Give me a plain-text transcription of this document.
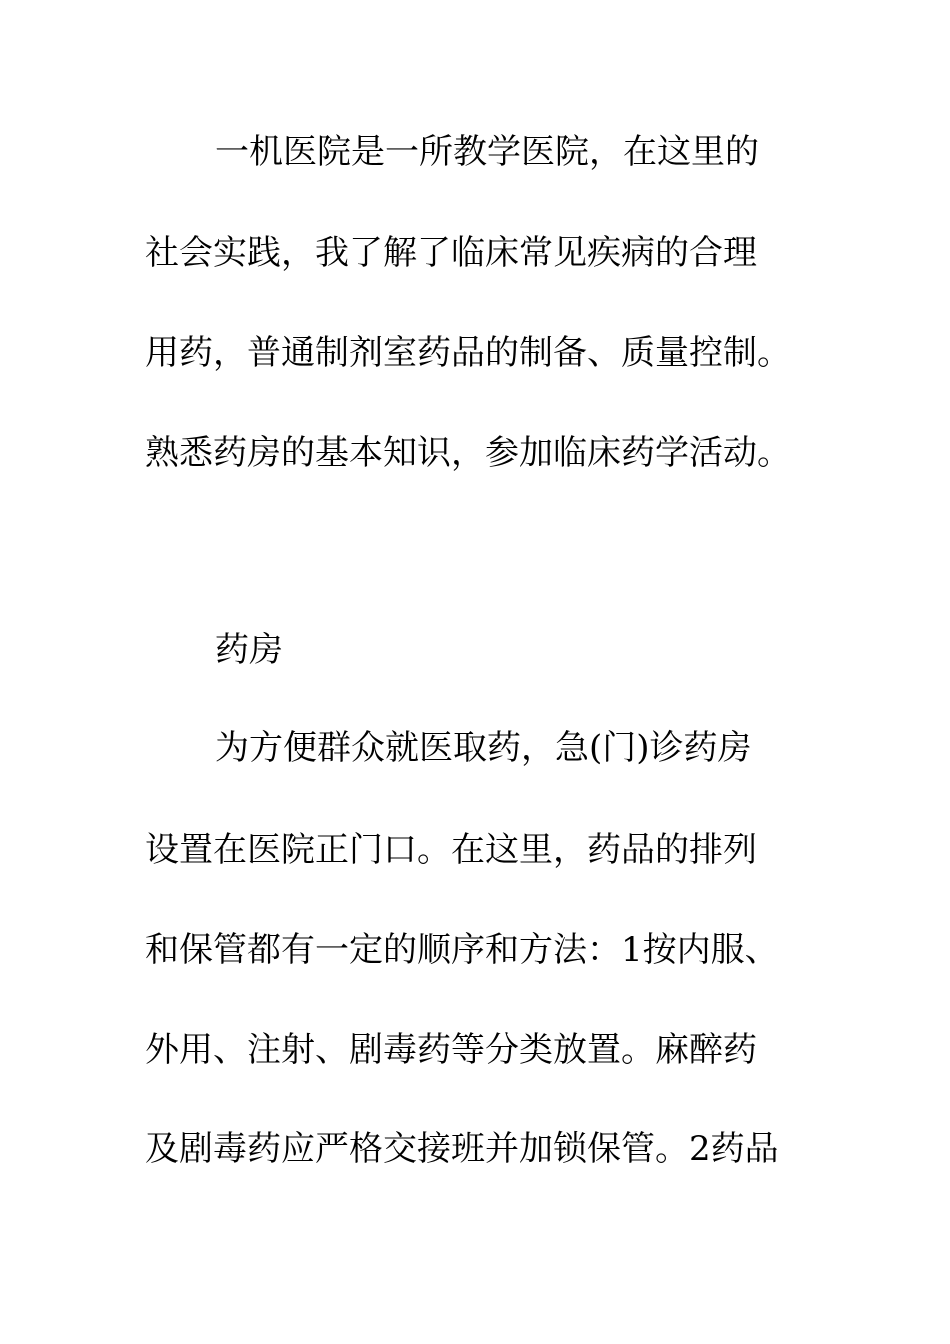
一机医院是一所教学医院，在这里的
社会实践，我了解了临床常见疾病的合理
用药，普通制剂室药品的制备、质量控制。
熟悉药房的基本知识，参加临床药学活动。
药房
为方便群众就医取药，急(门)诊药房
设置在医院正门口。在这里，药品的排列
和保管都有一定的顺序和方法：1按内服、
外用、注射、剧毒药等分类放置。麻醉药
及剧毒药应严格交接班并加锁保管。2药品
